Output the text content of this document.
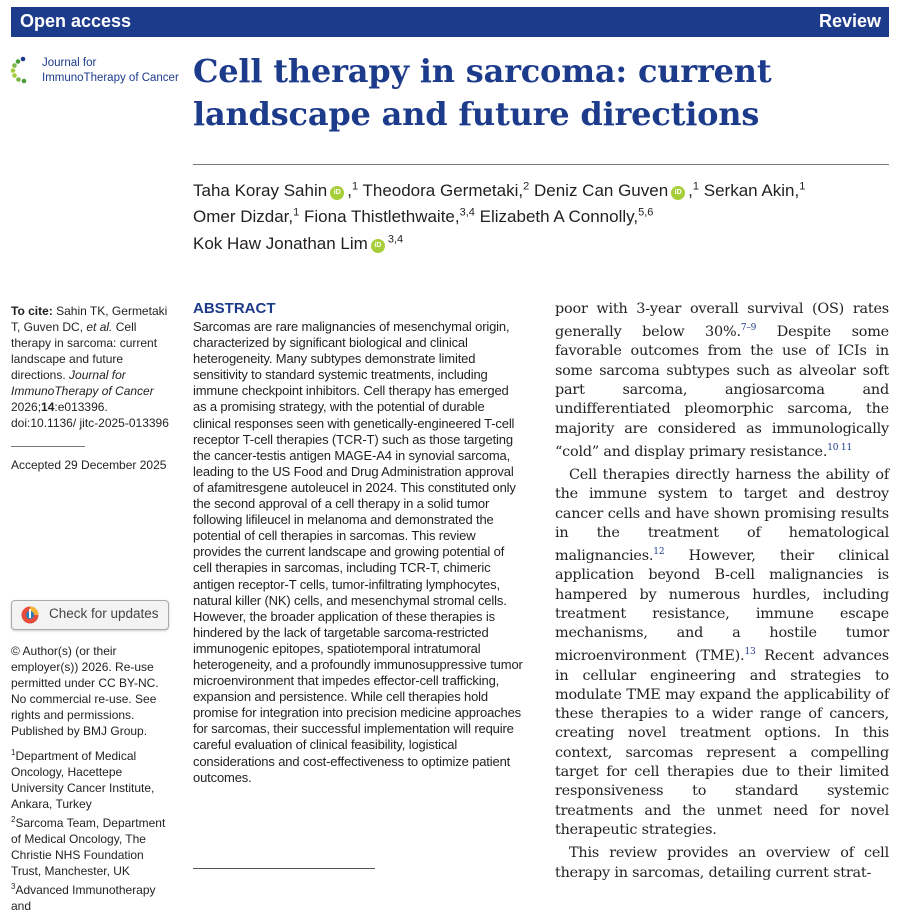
Open access	Review
Journal for
ImmunoTherapy of Cancer Cell therapy in sarcoma: current landscape and future directions
Taha Koray Sahin iD ,$^1$ Theodora Germetaki,$^2$ Deniz Can Guven iD ,$^1$ Serkan Akin,$^1$
Omer Dizdar,$^1$ Fiona Thistlethwaite,$^{3,4}$ Elizabeth A Connolly,$^{5,6}$
Kok Haw Jonathan Lim iD$^{3,4}$
To cite: Sahin TK, Germetaki T, Guven DC, et al. Cell therapy in sarcoma: current landscape and future directions. Journal for ImmunoTherapy of Cancer 2026;14:e013396. doi:10.1136/ jitc-2025-013396
Accepted 29 December 2025
Check for updates
© Author(s) (or their employer(s)) 2026. Re-use permitted under CC BY-NC. No commercial re-use. See rights and permissions. Published by BMJ Group.
$^1$Department of Medical Oncology, Hacettepe University Cancer Institute, Ankara, Turkey
$^2$Sarcoma Team, Department of Medical Oncology, The Christie NHS Foundation Trust, Manchester, UK
$^3$Advanced Immunotherapy and
ABSTRACT

Sarcomas are rare malignancies of mesenchymal origin, characterized by significant biological and clinical heterogeneity. Many subtypes demonstrate limited sensitivity to standard systemic treatments, including immune checkpoint inhibitors. Cell therapy has emerged as a promising strategy, with the potential of durable clinical responses seen with genetically-engineered T-cell receptor T-cell therapies (TCR-T) such as those targeting the cancer-testis antigen MAGE-A4 in synovial sarcoma, leading to the US Food and Drug Administration approval of afamitresgene autoleucel in 2024. This constituted only the second approval of a cell therapy in a solid tumor following lifileucel in melanoma and demonstrated the potential of cell therapies in sarcomas. This review provides the current landscape and growing potential of cell therapies in sarcomas, including TCR-T, chimeric antigen receptor-T cells, tumor-infiltrating lymphocytes, natural killer (NK) cells, and mesenchymal stromal cells. However, the broader application of these therapies is hindered by the lack of targetable sarcoma-restricted immunogenic epitopes, spatiotemporal intratumoral heterogeneity, and a profoundly immunosuppressive tumor microenvironment that impedes effector-cell trafficking, expansion and persistence. While cell therapies hold promise for integration into precision medicine approaches for sarcomas, their successful implementation will require careful evaluation of clinical feasibility, logistical considerations and cost-effectiveness to optimize patient outcomes.

poor with 3-year overall survival (OS) rates generally below 30%.$^{7-9}$ Despite some favorable outcomes from the use of ICIs in some sarcoma subtypes such as alveolar soft part sarcoma, angiosarcoma and undifferentiated pleomorphic sarcoma, the majority are considered as immunologically “cold” and display primary resistance.$^{10 11}$

Cell therapies directly harness the ability of the immune system to target and destroy cancer cells and have shown promising results in the treatment of hematological malignancies.$^{12}$ However, their clinical application beyond B-cell malignancies is hampered by numerous hurdles, including treatment resistance, immune escape mechanisms, and a hostile tumor microenvironment (TME).$^{13}$ Recent advances in cellular engineering and strategies to modulate TME may expand the applicability of these therapies to a wider range of cancers, creating novel treatment options. In this context, sarcomas represent a compelling target for cell therapies due to their limited responsiveness to standard systemic treatments and the unmet need for novel therapeutic strategies.

This review provides an overview of cell therapy in sarcomas, detailing current strat-
